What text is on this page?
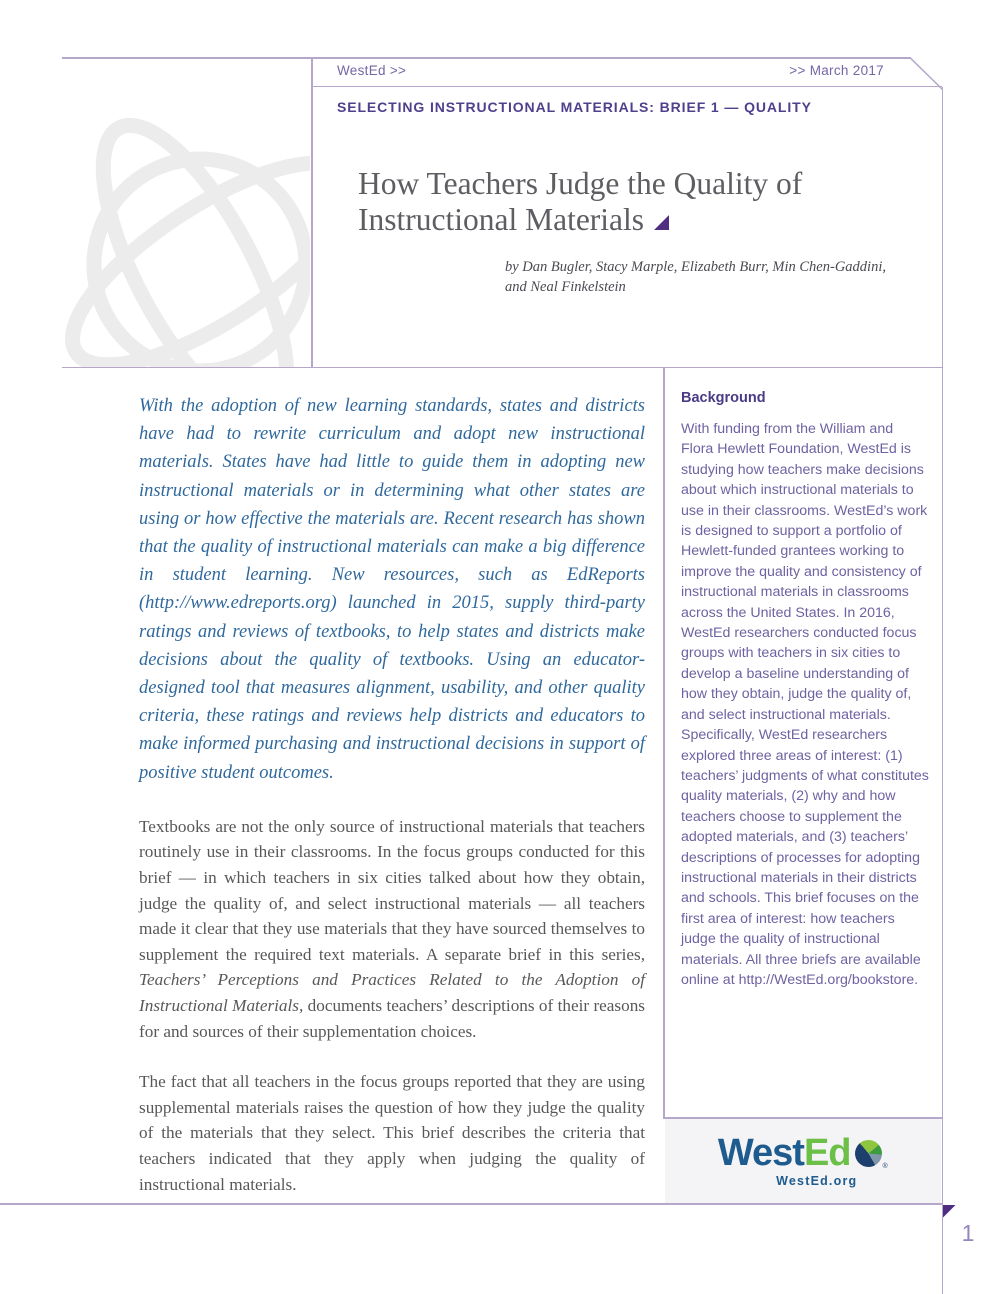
WestEd >>	>> March 2017
SELECTING INSTRUCTIONAL MATERIALS: BRIEF 1 — QUALITY
How Teachers Judge the Quality of
Instructional Materials
by Dan Bugler, Stacy Marple, Elizabeth Burr, Min Chen-Gaddini,
and Neal Finkelstein

With the adoption of new learning standards, states and districts have had to rewrite curriculum and adopt new instructional materials. States have had little to guide them in adopting new instructional materials or in determining what other states are using or how effective the materials are. Recent research has shown that the quality of instructional materials can make a big difference in student learning. New resources, such as EdReports (http://www.edreports.org) launched in 2015, supply third-party ratings and reviews of textbooks, to help states and districts make decisions about the quality of textbooks. Using an educator-designed tool that measures alignment, usability, and other quality criteria, these ratings and reviews help districts and educators to make informed purchasing and instructional decisions in support of positive student outcomes.

Textbooks are not the only source of instructional materials that teachers routinely use in their classrooms. In the focus groups conducted for this brief — in which teachers in six cities talked about how they obtain, judge the quality of, and select instructional materials — all teachers made it clear that they use materials that they have sourced themselves to supplement the required text materials. A separate brief in this series, Teachers’ Perceptions and Practices Related to the Adoption of Instructional Materials, documents teachers’ descriptions of their reasons for and sources of their supplementation choices.

The fact that all teachers in the focus groups reported that they are using supplemental materials raises the question of how they judge the quality of the materials that they select. This brief describes the criteria that teachers indicated that they apply when judging the quality of instructional materials.

Background

With funding from the William and Flora Hewlett Foundation, WestEd is studying how teachers make decisions about which instructional materials to use in their classrooms. WestEd’s work is designed to support a portfolio of Hewlett-funded grantees working to improve the quality and consistency of instructional materials in classrooms across the United States. In 2016, WestEd researchers conducted focus groups with teachers in six cities to develop a baseline understanding of how they obtain, judge the quality of, and select instructional materials. Specifically, WestEd researchers explored three areas of interest: (1) teachers’ judgments of what constitutes quality materials, (2) why and how teachers choose to supplement the adopted materials, and (3) teachers’ descriptions of processes for adopting instructional materials in their districts and schools. This brief focuses on the first area of interest: how teachers judge the quality of instructional materials. All three briefs are available online at http://WestEd.org/bookstore.

West Ed	®
WestEd.org
1
